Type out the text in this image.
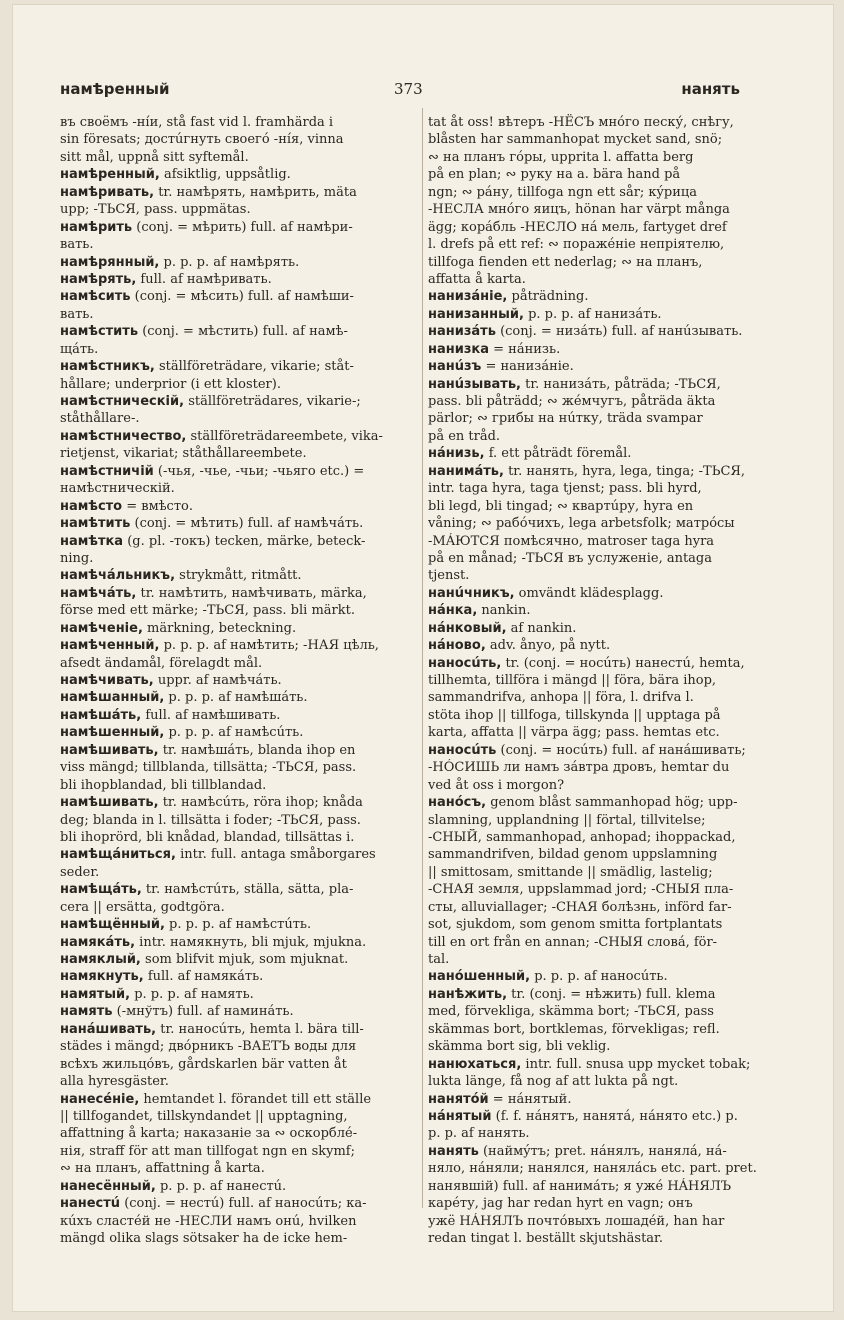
намѣренный	373	нанять
въ своёмъ -нíи, stå fast vid l. framhärda i
sin föresats; достúгнуть своегó -нíя, vinna
sitt mål, uppnå sitt syftemål.
намѣренный, afsiktlig, uppsåtlig.
намѣривать, tr. намѣрять, намѣрить, mäta
upp; -ТЬСЯ, pass. uppmätas.
намѣрить (conj. = мѣрить) full. af намѣри-
вать.
намѣрянный, p. p. p. af намѣрять.
намѣрять, full. af намѣривать.
намѣсить (conj. = мѣсить) full. af намѣши-
вать.
намѣстить (conj. = мѣстить) full. af намѣ-
щáть.
намѣстникъ, ställföreträdare, vikarie; ståt-
hållare; underprior (i ett kloster).
намѣстническій, ställföreträdares, vikarie-;
ståthållare-.
намѣстничество, ställföreträdareembete, vika-
rietjenst, vikariat; ståthållareembete.
намѣстничій (-чья, -чье, -чьи; -чьяго etc.) =
намѣстническій.
намѣсто = вмѣсто.
намѣтить (conj. = мѣтить) full. af намѣчáть.
намѣтка (g. pl. -токъ) tecken, märke, beteck-
ning.
намѣчáльникъ, strykmått, ritmått.
намѣчáть, tr. намѣтить, намѣчивать, märka,
förse med ett märke; -ТЬСЯ, pass. bli märkt.
намѣченіе, märkning, beteckning.
намѣченный, p. p. p. af намѣтить; -НАЯ цѣль,
afsedt ändamål, förelagdt mål.
намѣчивать, uppr. af намѣчáть.
намѣшанный, p. p. p. af намѣшáть.
намѣшáть, full. af намѣшивать.
намѣшенный, p. p. p. af намѣсúть.
намѣшивать, tr. намѣшáть, blanda ihop en
viss mängd; tillblanda, tillsätta; -ТЬСЯ, pass.
bli ihopblandad, bli tillblandad.
намѣшивать, tr. намѣсúть, röra ihop; knåda
deg; blanda in l. tillsätta i foder; -ТЬСЯ, pass.
bli ihoprörd, bli knådad, blandad, tillsättas i.
намѣщáниться, intr. full. antaga småborgares
seder.
намѣщáть, tr. намѣстúть, ställa, sätta, pla-
cera || ersätta, godtgöra.
намѣщённый, p. p. p. af намѣстúть.
намякáть, intr. намякнуть, bli mjuk, mjukna.
намяклый, som blifvit mjuk, som mjuknat.
намякнуть, full. af намякáть.
намятый, p. p. p. af намять.
намять (-мнўтъ) full. af наминáть.
нанáшивать, tr. наносúть, hemta l. bära till-
städes i mängd; двóрникъ -ВАЕТЪ воды для
всѣхъ жильцóвъ, gårdskarlen bär vatten åt
alla hyresgäster.
нанесéніе, hemtandet l. förandet till ett ställe
|| tillfogandet, tillskyndandet || upptagning,
affattning å karta; наказаніе за ∾ оскорблé-
нія, straff för att man tillfogat ngn en skymf;
∾ на планъ, affattning å karta.
нанесённый, p. p. p. af нанестú.
нанестú (conj. = нестú) full. af наносúть; ка-
кúхъ сластéй не -НЕСЛИ намъ онú, hvilken
mängd olika slags sötsaker ha de icke hem-
tat åt oss! вѣтеръ -НЁСЪ мнóго песку́, снѣгу,
blåsten har sammanhopat mycket sand, snö;
∾ на планъ гóры, upprita l. affatta berg
på en plan; ∾ руку на a. bära hand på
ngn; ∾ рáну, tillfoga ngn ett sår; кýрица
-НЕСЛА мнóго яицъ, hönan har värpt många
ägg; корáбль -НЕСЛО нá мель, fartyget dref
l. drefs på ett ref: ∾ поражéніе непріятелю,
tillfoga fienden ett nederlag; ∾ на планъ,
affatta å karta.
нанизáніе, påträdning.
нанизанный, p. p. p. af нанизáть.
нанизáть (conj. = низáть) full. af нанúзывать.
нанизка = нáнизь.
нанúзъ = нанизáніе.
нанúзывать, tr. нанизáть, påträda; -ТЬСЯ,
pass. bli påträdd; ∾ жéмчугъ, påträda äkta
pärlor; ∾ грибы на нúтку, träda svampar
på en tråd.
нáнизь, f. ett påträdt föremål.
нанимáть, tr. нанять, hyra, lega, tinga; -ТЬСЯ,
intr. taga hyra, taga tjenst; pass. bli hyrd,
bli legd, bli tingad; ∾ квартúру, hyra en
våning; ∾ рабóчихъ, lega arbetsfolk; матрóсы
-МÁЮТСЯ помѣсячно, matroser taga hyra
på en månad; -ТЬСЯ въ услуженіе, antaga
tjenst.
нанúчникъ, omvändt klädesplagg.
нáнка, nankin.
нáнковый, af nankin.
нáново, adv. ånyo, på nytt.
наносúть, tr. (conj. = носúть) нанестú, hemta,
tillhemta, tillföra i mängd || föra, bära ihop,
sammandrifva, anhopa || föra, l. drifva l.
stöta ihop || tillfoga, tillskynda || upptaga på
karta, affatta || värpa ägg; pass. hemtas etc.
наносúть (conj. = носúть) full. af нанáшивать;
-НÓСИШЬ ли намъ зáвтра дровъ, hemtar du
ved åt oss i morgon?
нанóсъ, genom blåst sammanhopad hög; upp-
slamning, upplandning || förtal, tillvitelse;
-СНЫЙ, sammanhopad, anhopad; ihoppackad,
sammandrifven, bildad genom uppslamning
|| smittosam, smittande || smädlig, lastelig;
-СНАЯ земля, uppslammad jord; -СНЫЯ пла-
сты, alluviallager; -СНАЯ болѣзнь, införd far-
sot, sjukdom, som genom smitta fortplantats
till en ort från en annan; -СНЫЯ словá, för-
tal.
нанóшенный, p. p. p. af наносúть.
нанѣжить, tr. (conj. = нѣжить) full. klema
med, förvekliga, skämma bort; -ТЬСЯ, pass
skämmas bort, bortklemas, förvekligas; refl.
skämma bort sig, bli veklig.
нанюхаться, intr. full. snusa upp mycket tobak;
lukta länge, få nog af att lukta på ngt.
нанятóй = нáнятый.
нáнятый (f. f. нáнятъ, нанятá, нáнято etc.) p.
p. p. af нанять.
нанять (наймýтъ; pret. нáнялъ, нанялá, нá-
няло, нáняли; нанялся, нанялáсь etc. part. pret.
нанявшій) full. af нанимáть; я ужé НÁНЯЛЪ
карéту, jag har redan hyrt en vagn; онъ
ужё НÁНЯЛЪ почтóвыхъ лошадéй, han har
redan tingat l. beställt skjutshästar.
